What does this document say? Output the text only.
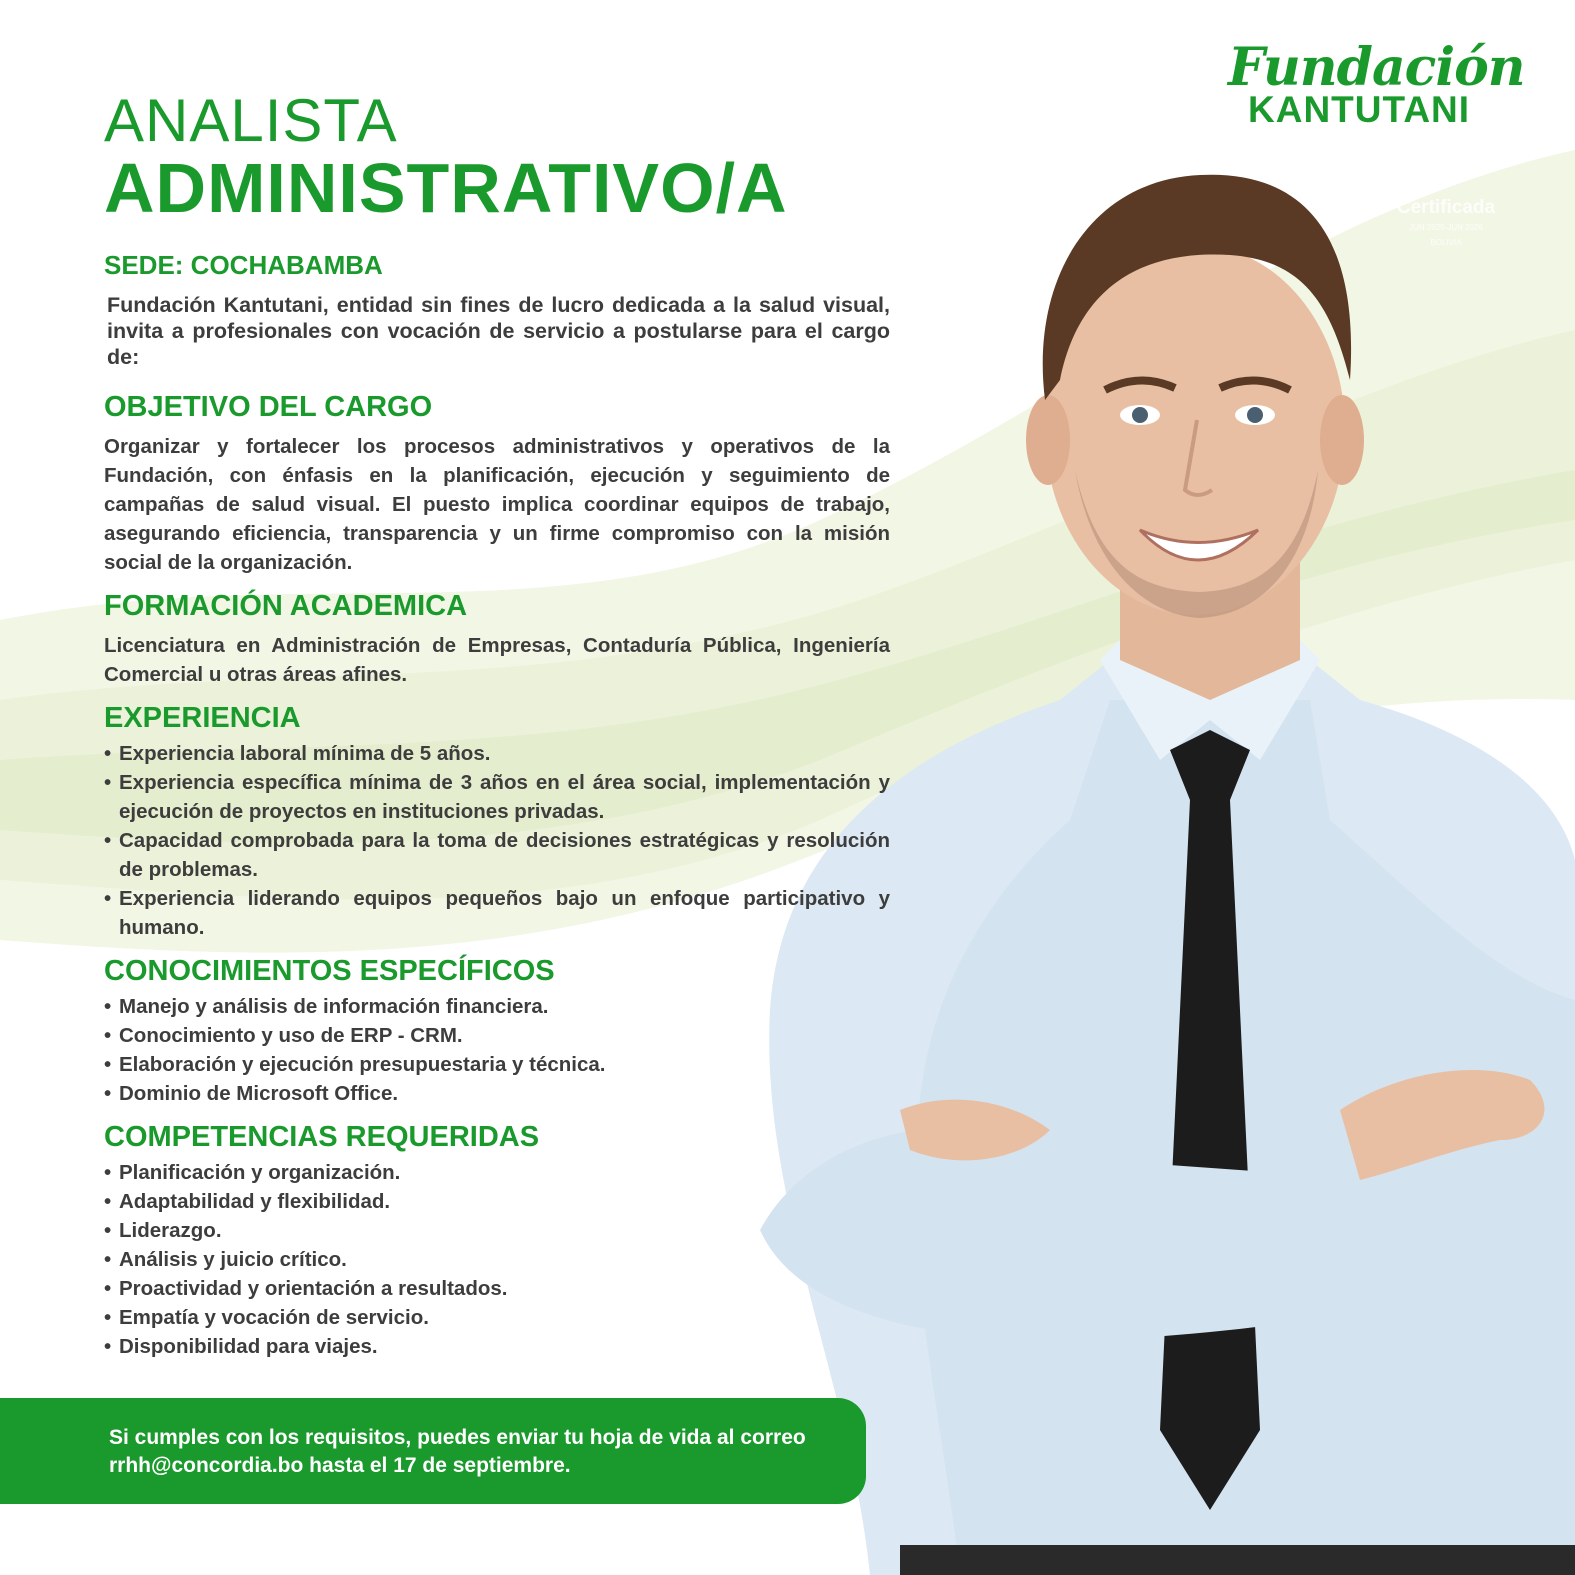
Fundación
KANTUTANI
Certificada
JUN 2025-JUN 2026
BOLIVIA
ANALISTA
ADMINISTRATIVO/A
SEDE: COCHABAMBA
Fundación Kantutani, entidad sin fines de lucro dedicada a la salud visual, invita a profesionales con vocación de servicio a postularse para el cargo de:
OBJETIVO DEL CARGO
Organizar y fortalecer los procesos administrativos y operativos de la Fundación, con énfasis en la planificación, ejecución y seguimiento de campañas de salud visual. El puesto implica coordinar equipos de trabajo, asegurando eficiencia, transparencia y un firme compromiso con la misión social de la organización.
FORMACIÓN ACADEMICA
Licenciatura en Administración de Empresas, Contaduría Pública, Ingeniería Comercial u otras áreas afines.
EXPERIENCIA
• Experiencia laboral mínima de 5 años.
• Experiencia específica mínima de 3 años en el área social, implementación y ejecución de proyectos en instituciones privadas.
• Capacidad comprobada para la toma de decisiones estratégicas y resolución de problemas.
• Experiencia liderando equipos pequeños bajo un enfoque participativo y humano.
CONOCIMIENTOS ESPECÍFICOS
• Manejo y análisis de información financiera.
• Conocimiento y uso de ERP - CRM.
• Elaboración y ejecución presupuestaria y técnica.
• Dominio de Microsoft Office.
COMPETENCIAS REQUERIDAS
• Planificación y organización.
• Adaptabilidad y flexibilidad.
• Liderazgo.
• Análisis y juicio crítico.
• Proactividad y orientación a resultados.
• Empatía y vocación de servicio.
• Disponibilidad para viajes.
Si cumples con los requisitos, puedes enviar tu hoja de vida al correo
rrhh@concordia.bo hasta el 17 de septiembre.
